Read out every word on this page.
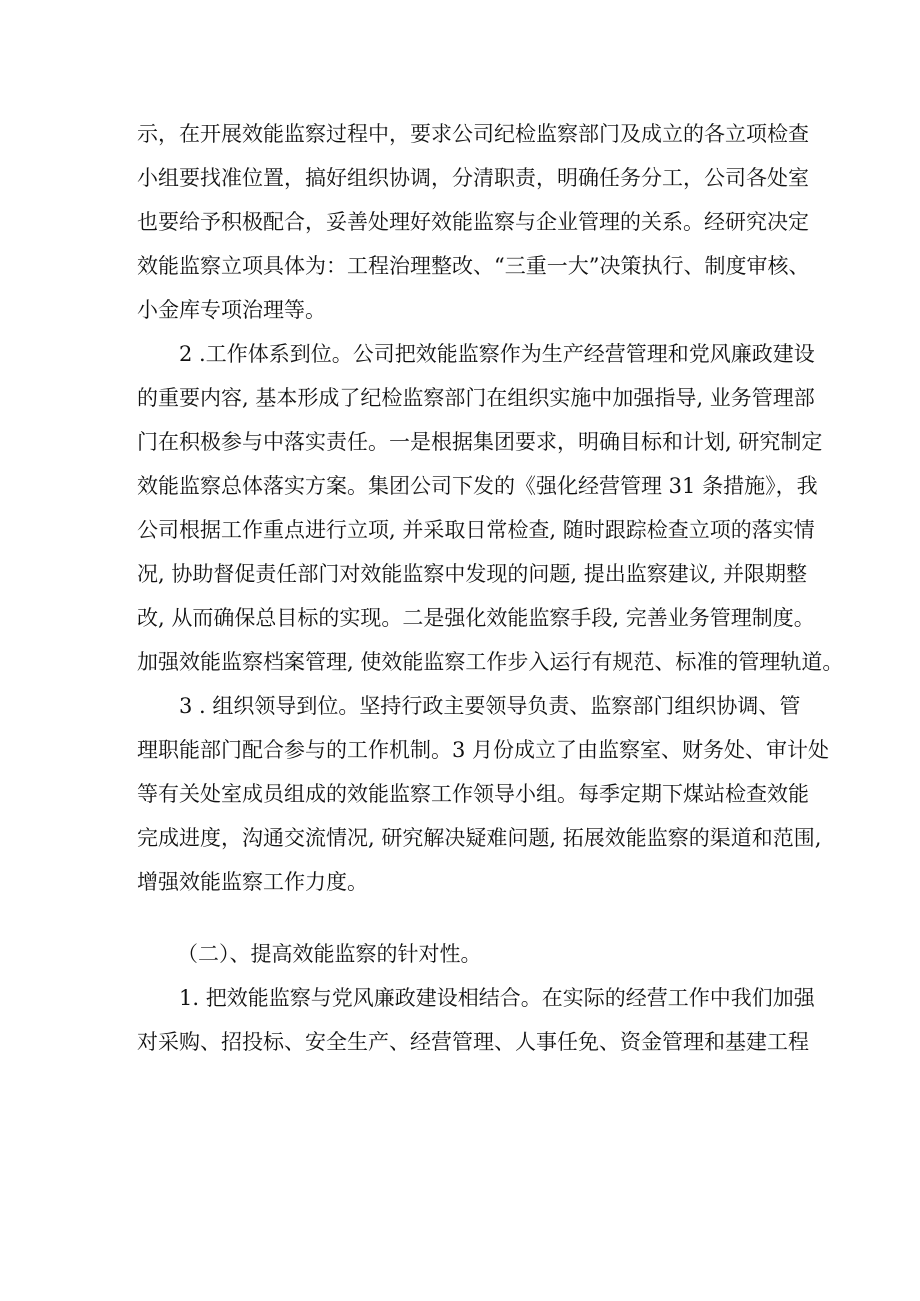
示，在开展效能监察过程中，要求公司纪检监察部门及成立的各立项检查
小组要找准位置，搞好组织协调，分清职责，明确任务分工，公司各处室
也要给予积极配合，妥善处理好效能监察与企业管理的关系。经研究决定
效能监察立项具体为：工程治理整改、“三重一大”决策执行、制度审核、
小金库专项治理等。
2 .工作体系到位。公司把效能监察作为生产经营管理和党风廉政建设
的重要内容, 基本形成了纪检监察部门在组织实施中加强指导, 业务管理部
门在积极参与中落实责任。一是根据集团要求，明确目标和计划, 研究制定
效能监察总体落实方案。集团公司下发的《强化经营管理 31 条措施》，我
公司根据工作重点进行立项, 并采取日常检查, 随时跟踪检查立项的落实情
况, 协助督促责任部门对效能监察中发现的问题, 提出监察建议, 并限期整
改, 从而确保总目标的实现。二是强化效能监察手段, 完善业务管理制度。
加强效能监察档案管理, 使效能监察工作步入运行有规范、标准的管理轨道。
3 . 组织领导到位。坚持行政主要领导负责、监察部门组织协调、管
理职能部门配合参与的工作机制。3 月份成立了由监察室、财务处、审计处
等有关处室成员组成的效能监察工作领导小组。每季定期下煤站检查效能
完成进度，沟通交流情况, 研究解决疑难问题, 拓展效能监察的渠道和范围,
增强效能监察工作力度。
（二）、提高效能监察的针对性。
1. 把效能监察与党风廉政建设相结合。在实际的经营工作中我们加强
对采购、招投标、安全生产、经营管理、人事任免、资金管理和基建工程
